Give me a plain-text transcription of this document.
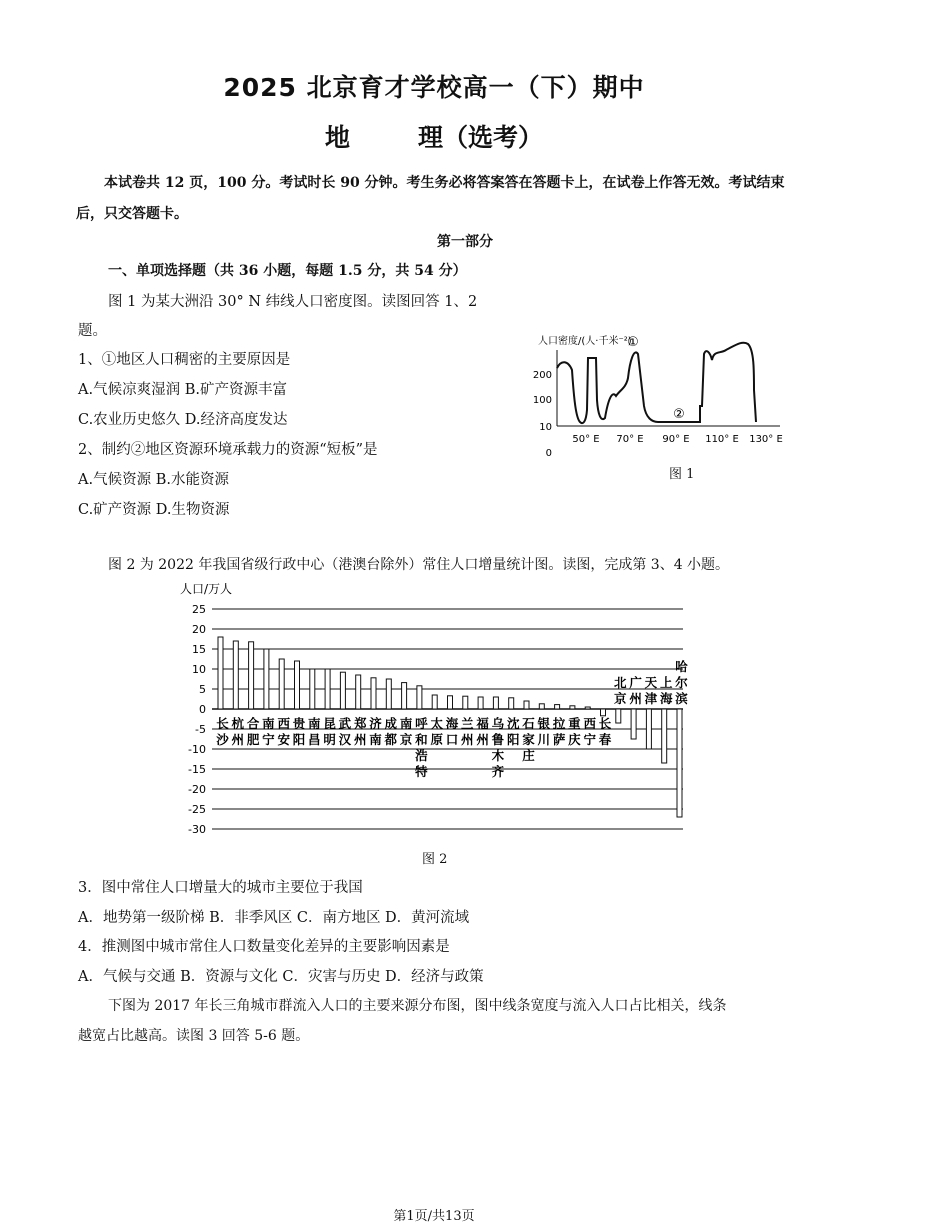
2025 北京育才学校高一（下）期中
地	理（选考）
本试卷共 12 页，100 分。考试时长 90 分钟。考生务必将答案答在答题卡上，在试卷上作答无效。考试结束后，只交答题卡。
第一部分
一、单项选择题（共 36 小题，每题 1.5 分，共 54 分）
图 1 为某大洲沿 30° N 纬线人口密度图。读图回答 1、2
题。
1、①地区人口稠密的主要原因是
A.气候凉爽湿润 B.矿产资源丰富
C.农业历史悠久 D.经济高度发达
2、制约②地区资源环境承载力的资源“短板”是
A.气候资源 B.水能资源
C.矿产资源 D.生物资源
人口密度/(人·千米⁻²)
200
100
10
0
①
②
50° E 70° E 90° E 110° E 130° E
图 1
图 2 为 2022 年我国省级行政中心（港澳台除外）常住人口增量统计图。读图，完成第 3、4 小题。
人口/万人
25
20
15
10
5
0
-5
-10
-15
-20
-25
-30
长沙
杭州
合肥
南宁
西安
贵阳
南昌
昆明
武汉
郑州
济南
成都
南京
呼和浩特
太原
海口
兰州
福州
乌鲁木齐
沈阳
石家庄
银川
拉萨
重庆
西宁
长春
北京
广州
天津
上海
哈尔滨
图 2
3．图中常住人口增量大的城市主要位于我国
A．地势第一级阶梯 B．非季风区 C．南方地区 D．黄河流域
4．推测图中城市常住人口数量变化差异的主要影响因素是
A．气候与交通 B．资源与文化 C．灾害与历史 D．经济与政策
下图为 2017 年长三角城市群流入人口的主要来源分布图，图中线条宽度与流入人口占比相关，线条
越宽占比越高。读图 3 回答 5-6 题。
第1页/共13页
